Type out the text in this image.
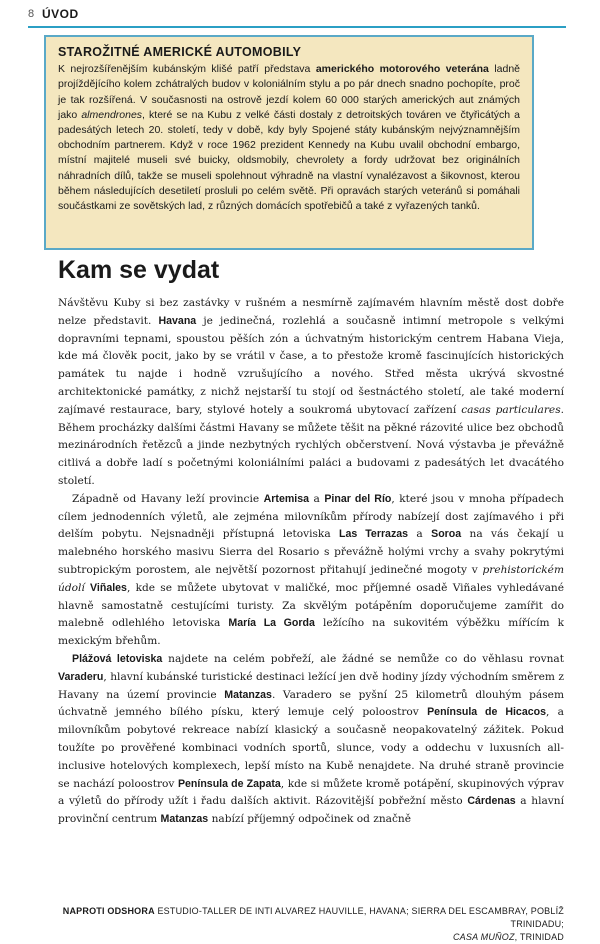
8 ÚVOD
STAROŽITNÉ AMERICKÉ AUTOMOBILY

K nejrozšířenějším kubánským klišé patří představa amerického motorového veterána ladně projíždějícího kolem zchátralých budov v koloniálním stylu a po pár dnech snadno pochopíte, proč je tak rozšířená. V současnosti na ostrově jezdí kolem 60 000 starých amerických aut známých jako almendrones, které se na Kubu z velké části dostaly z detroitských továren ve čtyřicátých a padesátých letech 20. století, tedy v době, kdy byly Spojené státy kubánským nejvýznamnějším obchodním partnerem. Když v roce 1962 prezident Kennedy na Kubu uvalil obchodní embargo, místní majitelé museli své buicky, oldsmobily, chevrolety a fordy udržovat bez originálních náhradních dílů, takže se museli spolehnout výhradně na vlastní vynalézavost a šikovnost, kterou během následujících desetiletí prosluli po celém světě. Při opravách starých veteránů si pomáhali součástkami ze sovětských lad, z různých domácích spotřebičů a také z vyřazených tanků.

Kam se vydat

Návštěvu Kuby si bez zastávky v rušném a nesmírně zajímavém hlavním městě dost dobře nelze představit. Havana je jedinečná, rozlehlá a současně intimní metropole s velkými dopravními tepnami, spoustou pěších zón a úchvatným historickým centrem Habana Vieja, kde má člověk pocit, jako by se vrátil v čase, a to přestože kromě fascinujících historických památek tu najde i hodně vzrušujícího a nového. Střed města ukrývá skvostné architektonické památky, z nichž nejstarší tu stojí od šestnáctého století, ale také moderní zajímavé restaurace, bary, stylové hotely a soukromá ubytovací zařízení casas particulares. Během procházky dalšími částmi Havany se můžete těšit na pěkné rázovité ulice bez obchodů mezinárodních řetězců a jinde nezbytných rychlých občerstvení. Nová výstavba je převážně citlivá a dobře ladí s početnými koloniálními paláci a budovami z padesátých let dvacátého století.

Západně od Havany leží provincie Artemisa a Pinar del Río, které jsou v mnoha případech cílem jednodenních výletů, ale zejména milovníkům přírody nabízejí dost zajímavého i při delším pobytu. Nejsnadněji přístupná letoviska Las Terrazas a Soroa na vás čekají u malebného horského masivu Sierra del Rosario s převážně holými vrchy a svahy pokrytými subtropickým porostem, ale největší pozornost přitahují jedinečné mogoty v prehistorickém údolí Viñales, kde se můžete ubytovat v maličké, moc příjemné osadě Viñales vyhledávané hlavně samostatně cestujícími turisty. Za skvělým potápěním doporučujeme zamířit do malebně odlehlého letoviska María La Gorda ležícího na sukovitém výběžku mířícím k mexickým břehům.

Plážová letoviska najdete na celém pobřeží, ale žádné se nemůže co do věhlasu rovnat Varaderu, hlavní kubánské turistické destinaci ležící jen dvě hodiny jízdy východním směrem z Havany na území provincie Matanzas. Varadero se pyšní 25 kilometrů dlouhým pásem úchvatně jemného bílého písku, který lemuje celý poloostrov Península de Hicacos, a milovníkům pobytové rekreace nabízí klasický a současně neopakovatelný zážitek. Pokud toužíte po prověřené kombinaci vodních sportů, slunce, vody a oddechu v luxusních all-inclusive hotelových komplexech, lepší místo na Kubě nenajdete. Na druhé straně provincie se nachází poloostrov Península de Zapata, kde si můžete kromě potápění, skupinových výprav a výletů do přírody užít i řadu dalších aktivit. Rázovitější pobřežní město Cárdenas a hlavní provinční centrum Matanzas nabízí příjemný odpočinek od značně

NAPROTI ODSHORA ESTUDIO-TALLER DE INTI ALVAREZ HAUVILLE, HAVANA; SIERRA DEL ESCAMBRAY, POBLÍŽ TRINIDADU;
CASA MUÑOZ, TRINIDAD
